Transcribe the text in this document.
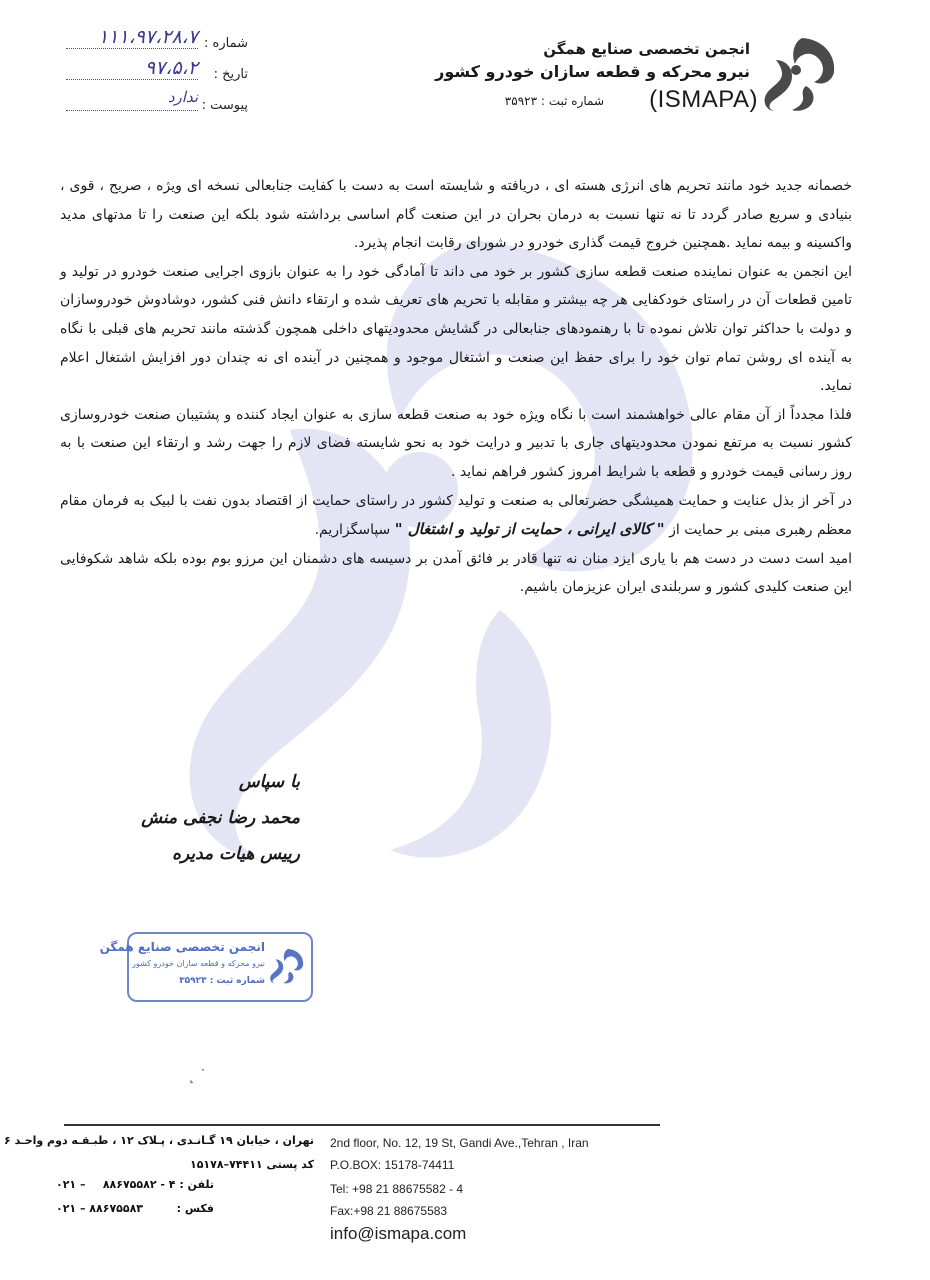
شماره :
۱۱۱،۹۷،۲۸،۷
تاریخ :
۹۷،۵،۲
پیوست :
ندارد
انجمن تخصصی صنایع همگن
نیرو محرکه و قطعه سازان خودرو کشور
شماره ثبت : ۳۵۹۲۳ (ISMAPA)

خصمانه جدید خود مانند تحریم های انرژی هسته ای ، دریافته و شایسته است به دست با کفایت جنابعالی نسخه ای ویژه ، صریح ، قوی ، بنیادی و سریع صادر گردد تا نه تنها نسبت به درمان بحران در این صنعت گام اساسی برداشته شود بلکه این صنعت را تا مدتهای مدید واکسینه و بیمه نماید .همچنین خروج قیمت گذاری خودرو در شورای رقابت انجام پذیرد.

این انجمن به عنوان نماینده صنعت قطعه سازی کشور بر خود می داند تا آمادگی خود را به عنوان بازوی اجرایی صنعت خودرو در تولید و تامین قطعات آن در راستای خودکفایی هر چه بیشتر و مقابله با تحریم های تعریف شده و ارتقاء دانش فنی کشور، دوشادوش خودروسازان و دولت با حداکثر توان تلاش نموده تا با رهنمودهای جنابعالی در گشایش محدودیتهای داخلی همچون گذشته مانند تحریم های قبلی با نگاه به آینده ای روشن تمام توان خود را برای حفظ این صنعت و اشتغال موجود و همچنین در آینده ای نه چندان دور افزایش اشتغال اعلام نماید.

فلذا مجدداً از آن مقام عالی خواهشمند است با نگاه ویژه خود به صنعت قطعه سازی به عنوان ایجاد کننده و پشتیبان صنعت خودروسازی کشور نسبت به مرتفع نمودن محدودیتهای جاری با تدبیر و درایت خود به نحو شایسته فضای لازم را جهت رشد و ارتقاء این صنعت با به روز رسانی قیمت خودرو و قطعه با شرایط امروز کشور فراهم نماید .

در آخر از بذل عنایت و حمایت همیشگی حضرتعالی به صنعت و تولید کشور در راستای حمایت از اقتصاد بدون نفت با لبیک به فرمان مقام معظم رهبری مبنی بر حمایت از " کالای ایرانی ، حمایت از تولید و اشتغال " سپاسگزاریم.

امید است دست در دست هم با یاری ایزد منان نه تنها قادر بر فائق آمدن بر دسیسه های دشمنان این مرزو بوم بوده بلکه شاهد شکوفایی این صنعت کلیدی کشور و سربلندی ایران عزیزمان باشیم.

با سپاس
محمد رضا نجفی منش
رییس هیات مدیره
انجمن تخصصی صنایع همگن
نیرو محرکه و قطعه سازان خودرو کشور
شماره ثبت : ۳۵۹۲۳
˛ ˙
تهران ، خیابان ۱۹ گـانـدی ، پـلاک ۱۲ ، طبـقـه دوم واحـد ۶
کد پستی ۷۴۴۱۱–۱۵۱۷۸
تلفن : ۴ - ۸۸۶۷۵۵۸۲
۰۲۱ –
فکس :
۰۲۱ – ۸۸۶۷۵۵۸۳
2nd floor, No. 12, 19 St, Gandi Ave.,Tehran , Iran
P.O.BOX: 15178-74411
Tel: +98 21 88675582 - 4
Fax:+98 21 88675583
info@ismapa.com
